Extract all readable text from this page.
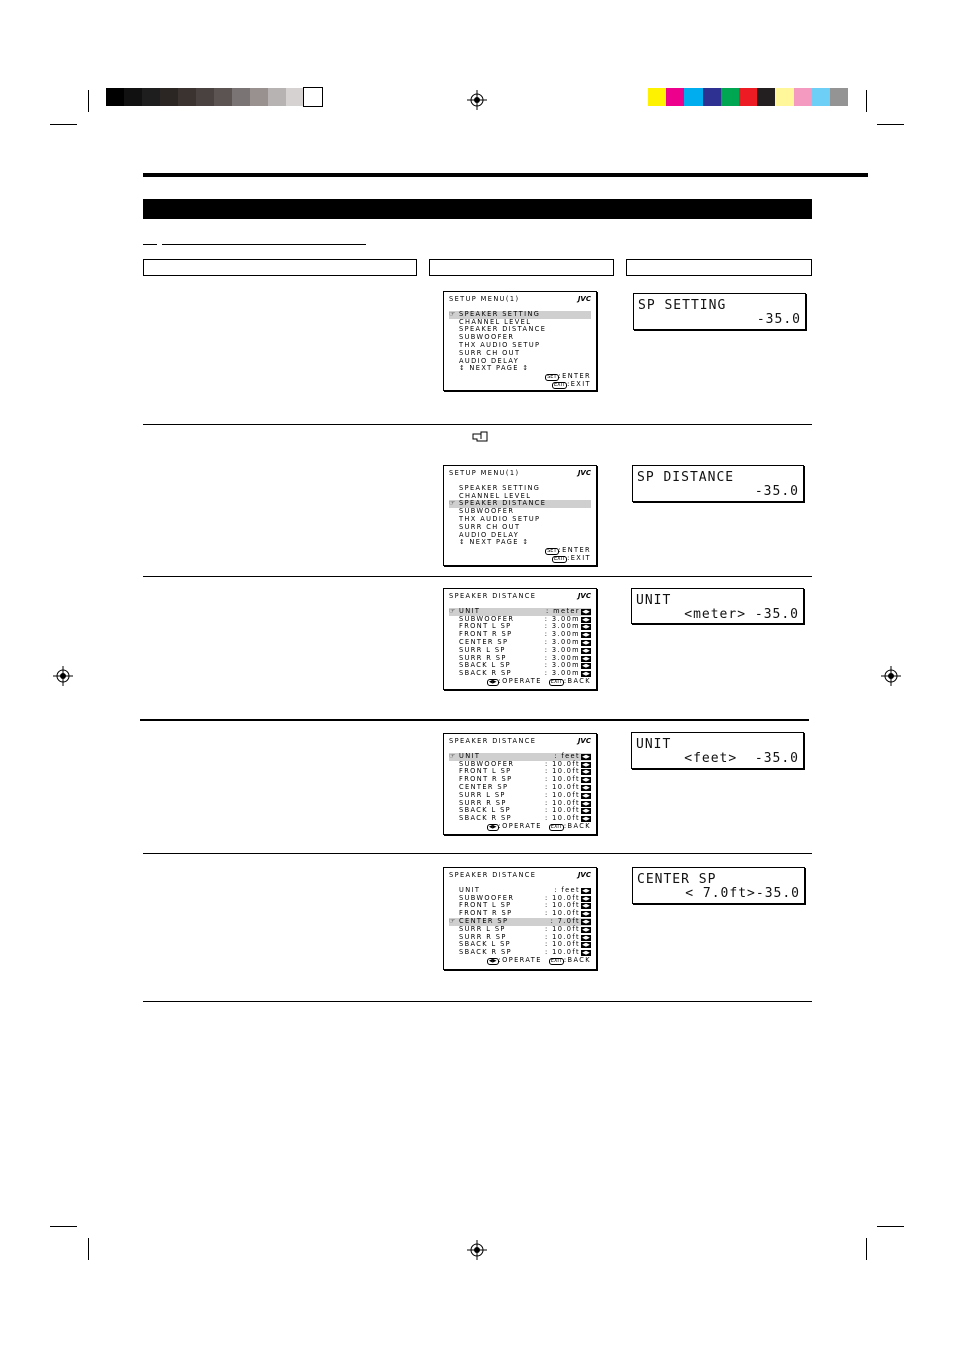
SETUP MENU(1)	JVC
☞ SPEAKER SETTING
CHANNEL LEVEL
SPEAKER DISTANCE
SUBWOOFER
THX AUDIO SETUP
SURR CH OUT
AUDIO DELAY
↕ NEXT PAGE ↕
SET :ENTER
EXIT :EXIT
SETUP MENU(1)	JVC
SPEAKER SETTING
CHANNEL LEVEL
☞ SPEAKER DISTANCE
SUBWOOFER
THX AUDIO SETUP
SURR CH OUT
AUDIO DELAY
↕ NEXT PAGE ↕
SET :ENTER
EXIT :EXIT
SPEAKER DISTANCE	JVC
☞ UNIT	: meter ◀▶
SUBWOOFER	: 3.00m ◀▶
FRONT L SP	: 3.00m ◀▶
FRONT R SP	: 3.00m ◀▶
CENTER SP	: 3.00m ◀▶
SURR L SP	: 3.00m ◀▶
SURR R SP	: 3.00m ◀▶
SBACK L SP	: 3.00m ◀▶
SBACK R SP	: 3.00m ◀▶
◀▶ :OPERATE EXIT :BACK
SPEAKER DISTANCE	JVC
☞ UNIT	: feet ◀▶
SUBWOOFER	: 10.0ft ◀▶
FRONT L SP	: 10.0ft ◀▶
FRONT R SP	: 10.0ft ◀▶
CENTER SP	: 10.0ft ◀▶
SURR L SP	: 10.0ft ◀▶
SURR R SP	: 10.0ft ◀▶
SBACK L SP	: 10.0ft ◀▶
SBACK R SP	: 10.0ft ◀▶
◀▶ :OPERATE EXIT :BACK
SPEAKER DISTANCE	JVC
UNIT	: feet ◀▶
SUBWOOFER	: 10.0ft ◀▶
FRONT L SP	: 10.0ft ◀▶
FRONT R SP	: 10.0ft ◀▶
☞ CENTER SP	: 7.0ft ◀▶
SURR L SP	: 10.0ft ◀▶
SURR R SP	: 10.0ft ◀▶
SBACK L SP	: 10.0ft ◀▶
SBACK R SP	: 10.0ft ◀▶
◀▶ :OPERATE EXIT :BACK
SP SETTING
-35.0
SP DISTANCE
-35.0
UNIT
<meter> -35.0
UNIT
<feet>  -35.0
CENTER SP
< 7.0ft>-35.0
